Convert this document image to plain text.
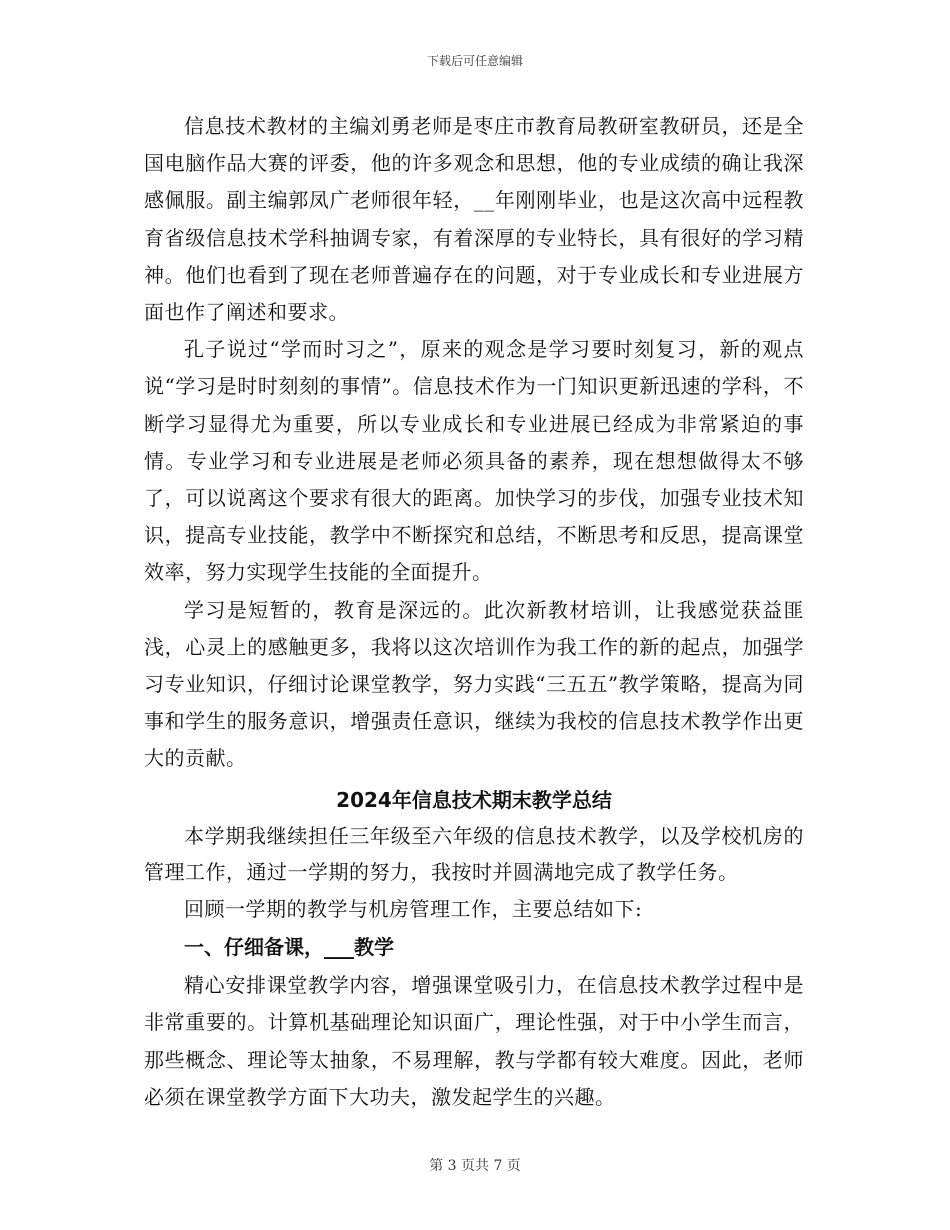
下载后可任意编辑

信息技术教材的主编刘勇老师是枣庄市教育局教研室教研员，还是全国电脑作品大赛的评委，他的许多观念和思想，他的专业成绩的确让我深感佩服。副主编郭凤广老师很年轻，__年刚刚毕业，也是这次高中远程教育省级信息技术学科抽调专家，有着深厚的专业特长，具有很好的学习精神。他们也看到了现在老师普遍存在的问题，对于专业成长和专业进展方面也作了阐述和要求。

孔子说过“学而时习之”，原来的观念是学习要时刻复习，新的观点说“学习是时时刻刻的事情”。信息技术作为一门知识更新迅速的学科，不断学习显得尤为重要，所以专业成长和专业进展已经成为非常紧迫的事情。专业学习和专业进展是老师必须具备的素养，现在想想做得太不够了，可以说离这个要求有很大的距离。加快学习的步伐，加强专业技术知识，提高专业技能，教学中不断探究和总结，不断思考和反思，提高课堂效率，努力实现学生技能的全面提升。

学习是短暂的，教育是深远的。此次新教材培训，让我感觉获益匪浅，心灵上的感触更多，我将以这次培训作为我工作的新的起点，加强学习专业知识，仔细讨论课堂教学，努力实践“三五五”教学策略，提高为同事和学生的服务意识，增强责任意识，继续为我校的信息技术教学作出更大的贡献。

2024年信息技术期末教学总结

本学期我继续担任三年级至六年级的信息技术教学，以及学校机房的管理工作，通过一学期的努力，我按时并圆满地完成了教学任务。

回顾一学期的教学与机房管理工作，主要总结如下:

一、仔细备课，___教学

精心安排课堂教学内容，增强课堂吸引力，在信息技术教学过程中是非常重要的。计算机基础理论知识面广，理论性强，对于中小学生而言，那些概念、理论等太抽象，不易理解，教与学都有较大难度。因此，老师必须在课堂教学方面下大功夫，激发起学生的兴趣。

第 3 页共 7 页
